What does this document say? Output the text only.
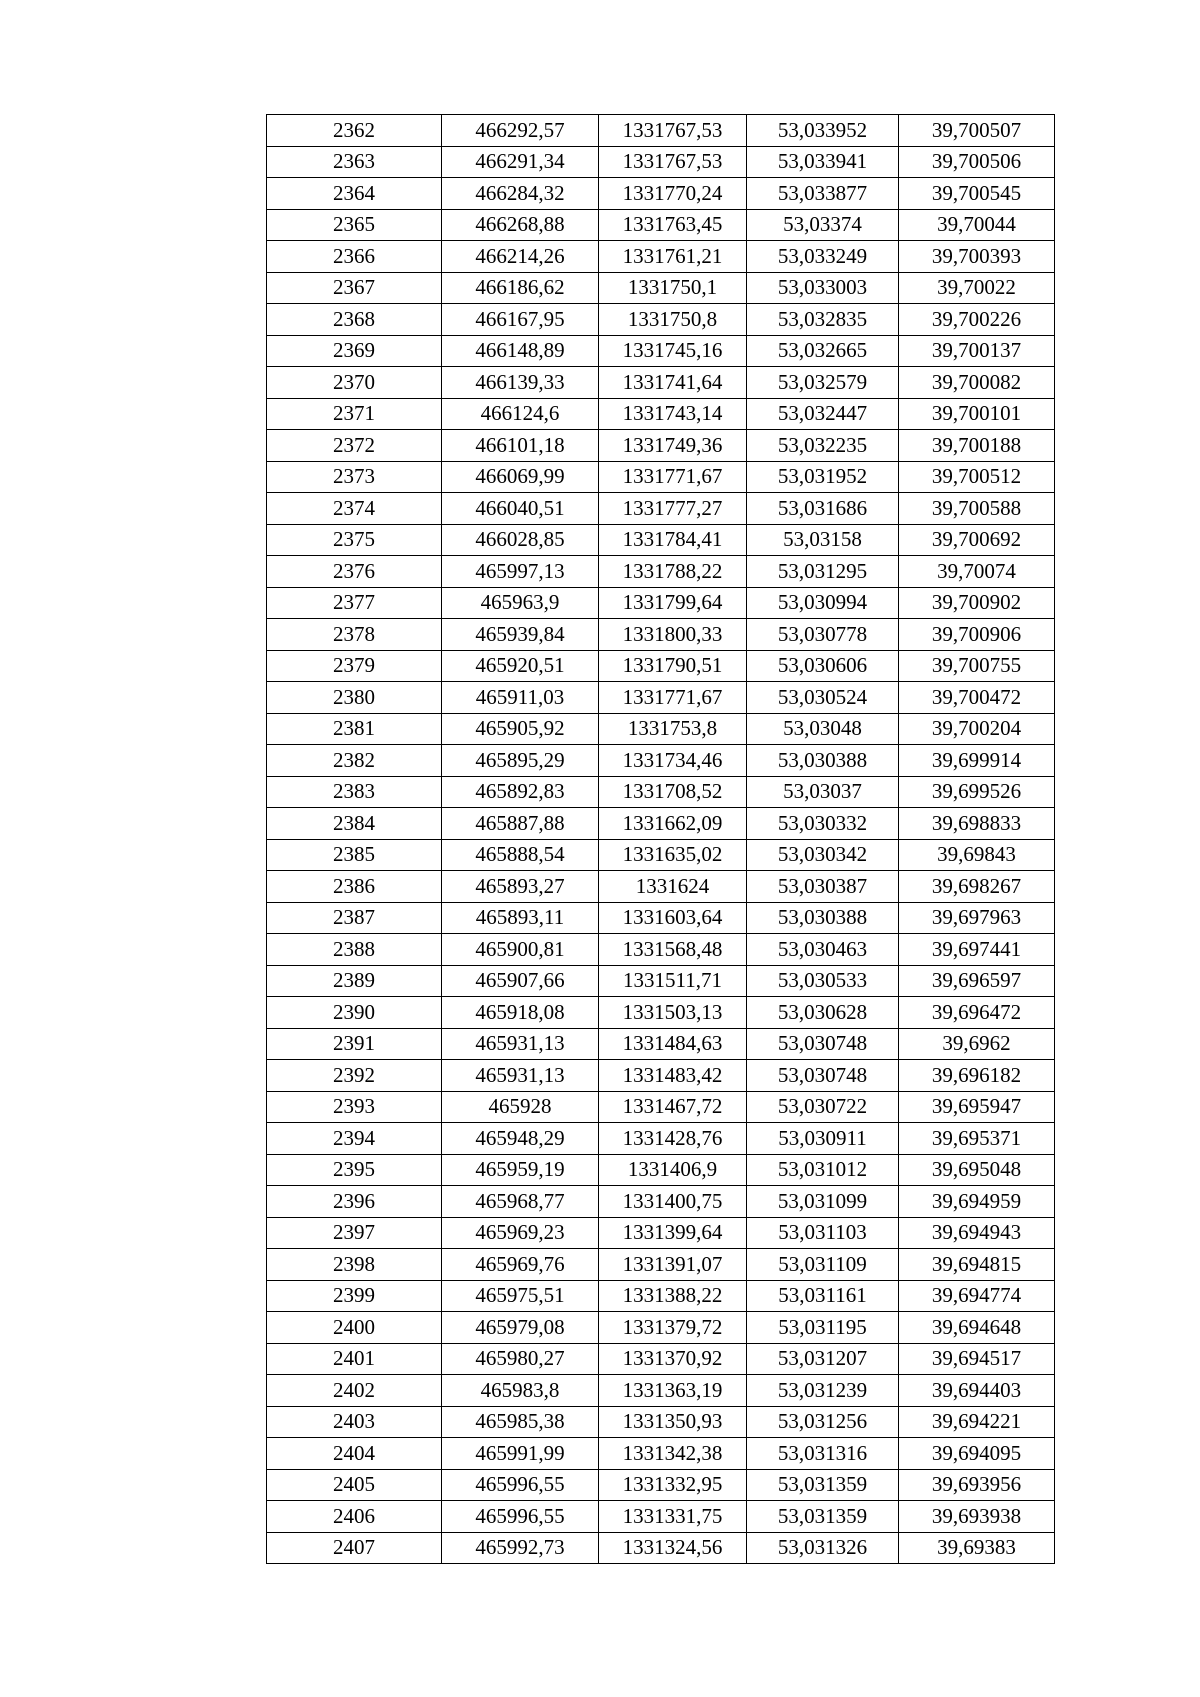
2362	466292,57	1331767,53	53,033952	39,700507
2363	466291,34	1331767,53	53,033941	39,700506
2364	466284,32	1331770,24	53,033877	39,700545
2365	466268,88	1331763,45	53,03374	39,70044
2366	466214,26	1331761,21	53,033249	39,700393
2367	466186,62	1331750,1	53,033003	39,70022
2368	466167,95	1331750,8	53,032835	39,700226
2369	466148,89	1331745,16	53,032665	39,700137
2370	466139,33	1331741,64	53,032579	39,700082
2371	466124,6	1331743,14	53,032447	39,700101
2372	466101,18	1331749,36	53,032235	39,700188
2373	466069,99	1331771,67	53,031952	39,700512
2374	466040,51	1331777,27	53,031686	39,700588
2375	466028,85	1331784,41	53,03158	39,700692
2376	465997,13	1331788,22	53,031295	39,70074
2377	465963,9	1331799,64	53,030994	39,700902
2378	465939,84	1331800,33	53,030778	39,700906
2379	465920,51	1331790,51	53,030606	39,700755
2380	465911,03	1331771,67	53,030524	39,700472
2381	465905,92	1331753,8	53,03048	39,700204
2382	465895,29	1331734,46	53,030388	39,699914
2383	465892,83	1331708,52	53,03037	39,699526
2384	465887,88	1331662,09	53,030332	39,698833
2385	465888,54	1331635,02	53,030342	39,69843
2386	465893,27	1331624	53,030387	39,698267
2387	465893,11	1331603,64	53,030388	39,697963
2388	465900,81	1331568,48	53,030463	39,697441
2389	465907,66	1331511,71	53,030533	39,696597
2390	465918,08	1331503,13	53,030628	39,696472
2391	465931,13	1331484,63	53,030748	39,6962
2392	465931,13	1331483,42	53,030748	39,696182
2393	465928	1331467,72	53,030722	39,695947
2394	465948,29	1331428,76	53,030911	39,695371
2395	465959,19	1331406,9	53,031012	39,695048
2396	465968,77	1331400,75	53,031099	39,694959
2397	465969,23	1331399,64	53,031103	39,694943
2398	465969,76	1331391,07	53,031109	39,694815
2399	465975,51	1331388,22	53,031161	39,694774
2400	465979,08	1331379,72	53,031195	39,694648
2401	465980,27	1331370,92	53,031207	39,694517
2402	465983,8	1331363,19	53,031239	39,694403
2403	465985,38	1331350,93	53,031256	39,694221
2404	465991,99	1331342,38	53,031316	39,694095
2405	465996,55	1331332,95	53,031359	39,693956
2406	465996,55	1331331,75	53,031359	39,693938
2407	465992,73	1331324,56	53,031326	39,69383
